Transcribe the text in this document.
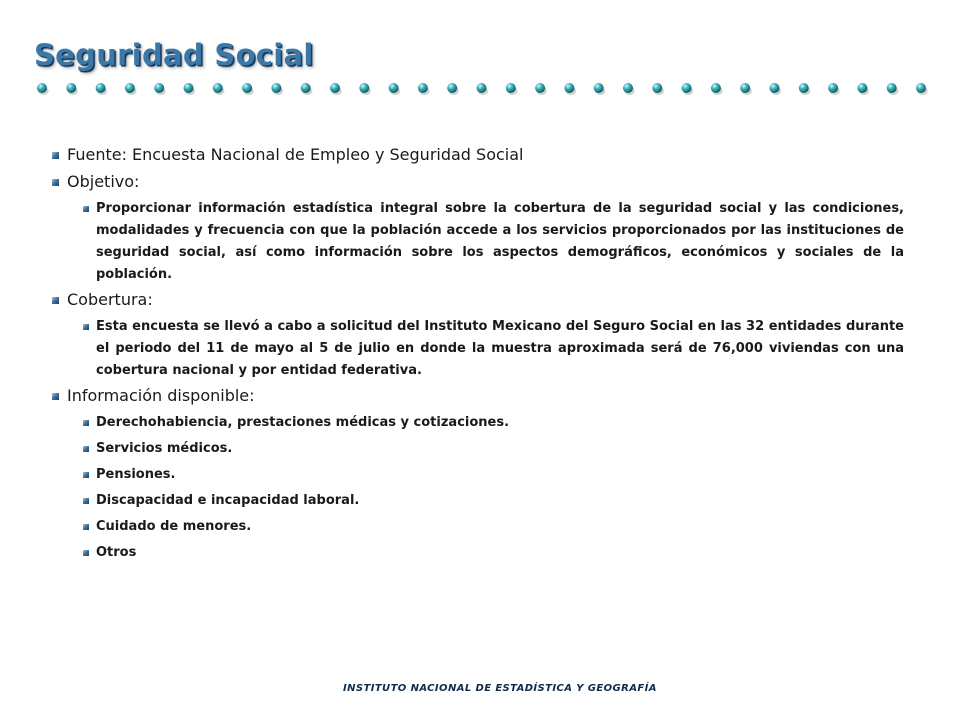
Seguridad Social
Fuente: Encuesta Nacional de Empleo y Seguridad Social
Objetivo:
Proporcionar información estadística integral sobre la cobertura de la seguridad social y las condiciones, modalidades y frecuencia con que la población accede a los servicios proporcionados por las instituciones de seguridad social, así como información sobre los aspectos demográficos, económicos y sociales de la población.
Cobertura:
Esta encuesta se llevó a cabo a solicitud del Instituto Mexicano del Seguro Social en las 32 entidades durante el periodo del 11 de mayo al 5 de julio en donde la muestra aproximada será de 76,000 viviendas con una cobertura nacional y por entidad federativa.
Información disponible:
Derechohabiencia, prestaciones médicas y cotizaciones.
Servicios médicos.
Pensiones.
Discapacidad e incapacidad laboral.
Cuidado de menores.
Otros
INSTITUTO NACIONAL DE ESTADÍSTICA Y GEOGRAFÍA
